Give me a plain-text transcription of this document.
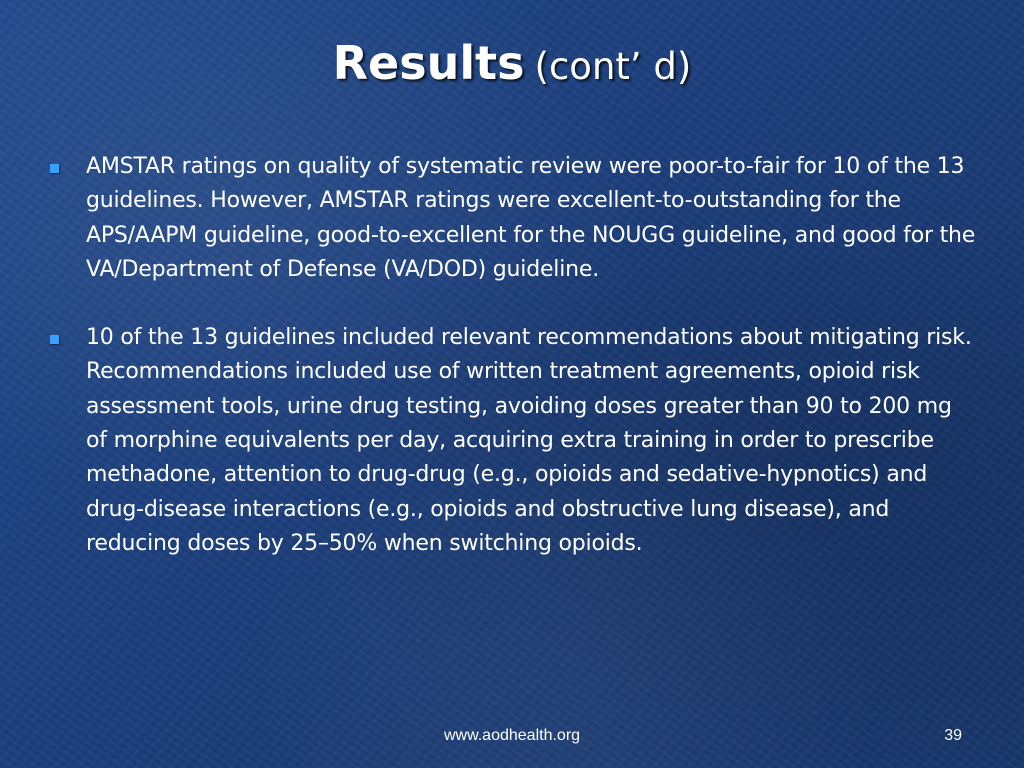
Results (cont’ d)
AMSTAR ratings on quality of systematic review were poor-to-fair for 10 of the 13 guidelines. However, AMSTAR ratings were excellent-to-outstanding for the APS/AAPM guideline, good-to-excellent for the NOUGG guideline, and good for the VA/Department of Defense (VA/DOD) guideline.
10 of the 13 guidelines included relevant recommendations about mitigating risk. Recommendations included use of written treatment agreements, opioid risk assessment tools, urine drug testing, avoiding doses greater than 90 to 200 mg of morphine equivalents per day, acquiring extra training in order to prescribe methadone, attention to drug-drug (e.g., opioids and sedative-hypnotics) and drug-disease interactions (e.g., opioids and obstructive lung disease), and reducing doses by 25–50% when switching opioids.
www.aodhealth.org	39
